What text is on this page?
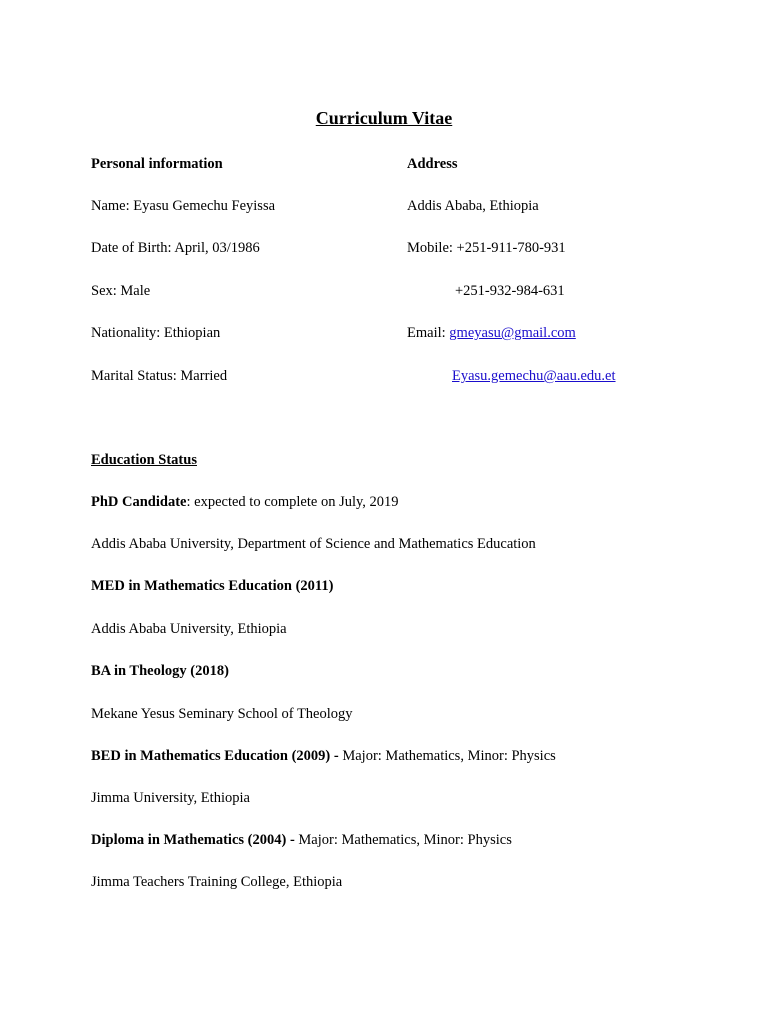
Curriculum Vitae
Personal information	Address
Name: Eyasu Gemechu Feyissa	Addis Ababa, Ethiopia
Date of Birth: April, 03/1986	Mobile: +251-911-780-931
Sex: Male	+251-932-984-631
Nationality: Ethiopian	Email: gmeyasu@gmail.com
Marital Status: Married	Eyasu.gemechu@aau.edu.et
Education Status
PhD Candidate: expected to complete on July, 2019
Addis Ababa University, Department of Science and Mathematics Education
MED in Mathematics Education (2011)
Addis Ababa University, Ethiopia
BA in Theology (2018)
Mekane Yesus Seminary School of Theology
BED in Mathematics Education (2009) - Major: Mathematics, Minor: Physics
Jimma University, Ethiopia
Diploma in Mathematics (2004) - Major: Mathematics, Minor: Physics
Jimma Teachers Training College, Ethiopia
